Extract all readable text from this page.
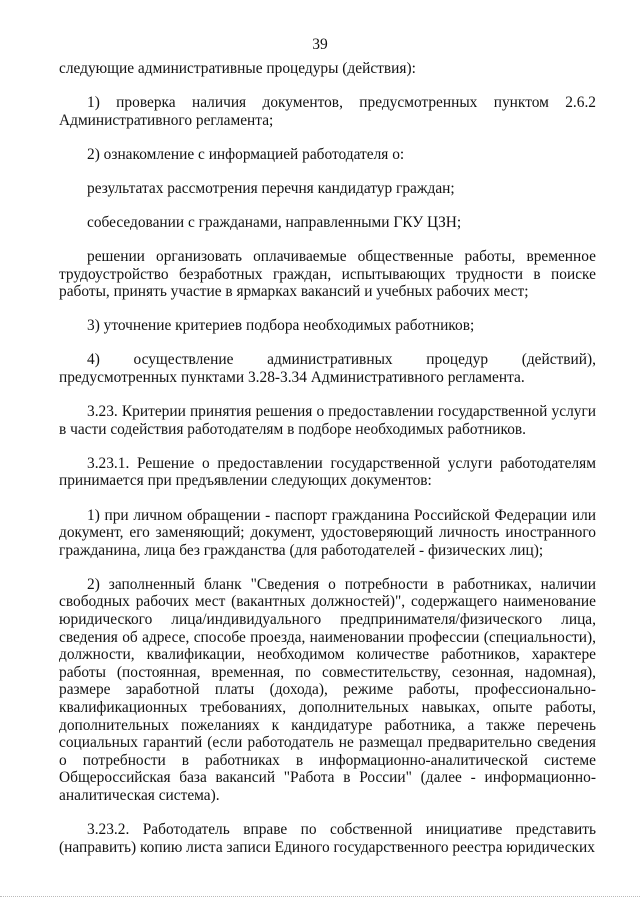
39

следующие административные процедуры (действия):

1) проверка наличия документов, предусмотренных пунктом 2.6.2 Административного регламента;

2) ознакомление с информацией работодателя о:

результатах рассмотрения перечня кандидатур граждан;

собеседовании с гражданами, направленными ГКУ ЦЗН;

решении организовать оплачиваемые общественные работы, временное трудоустройство безработных граждан, испытывающих трудности в поиске работы, принять участие в ярмарках вакансий и учебных рабочих мест;

3) уточнение критериев подбора необходимых работников;

4) осуществление административных процедур (действий), предусмотренных пунктами 3.28-3.34 Административного регламента.

3.23. Критерии принятия решения о предоставлении государственной услуги в части содействия работодателям в подборе необходимых работников.

3.23.1. Решение о предоставлении государственной услуги работодателям принимается при предъявлении следующих документов:

1) при личном обращении - паспорт гражданина Российской Федерации или документ, его заменяющий; документ, удостоверяющий личность иностранного гражданина, лица без гражданства (для работодателей - физических лиц);

2) заполненный бланк "Сведения о потребности в работниках, наличии свободных рабочих мест (вакантных должностей)", содержащего наименование юридического лица/индивидуального предпринимателя/физического лица, сведения об адресе, способе проезда, наименовании профессии (специальности), должности, квалификации, необходимом количестве работников, характере работы (постоянная, временная, по совместительству, сезонная, надомная), размере заработной платы (дохода), режиме работы, профессионально-квалификационных требованиях, дополнительных навыках, опыте работы, дополнительных пожеланиях к кандидатуре работника, а также перечень социальных гарантий (если работодатель не размещал предварительно сведения о потребности в работниках в информационно-аналитической системе Общероссийская база вакансий "Работа в России" (далее - информационно-аналитическая система).

3.23.2. Работодатель вправе по собственной инициативе представить (направить) копию листа записи Единого государственного реестра юридических
